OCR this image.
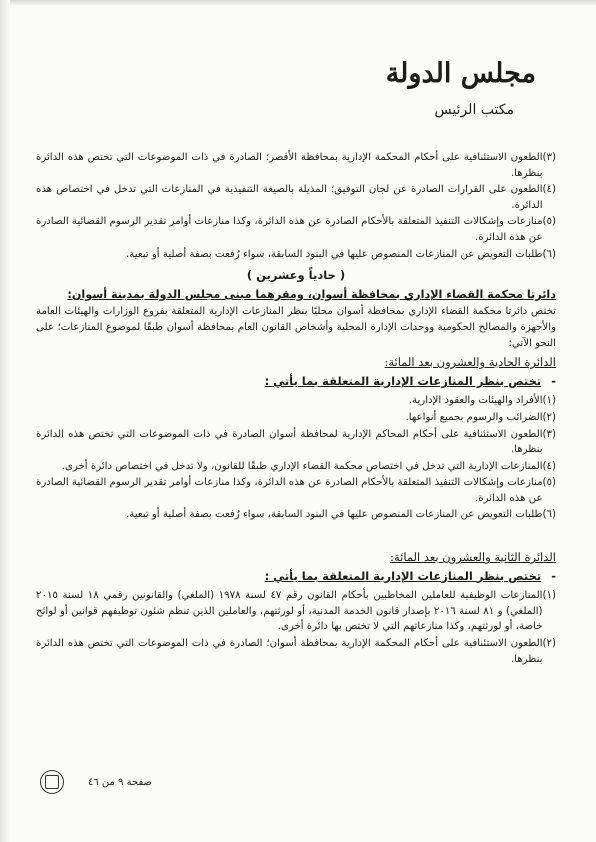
مجلس الدولة
مكتب الرئيس
(٣)
الطعون الاستئنافية على أحكام المحكمة الإدارية بمحافظة الأقصر؛ الصادرة في ذات الموضوعات التي تختص هذه الدائرة بنظرها.
(٤)
الطعون على القرارات الصادرة عن لجان التوفيق؛ المذيلة بالصيغة التنفيذية في المنازعات التي تدخل في اختصاص هذه الدائرة.
(٥)
منازعات وإشكالات التنفيذ المتعلقة بالأحكام الصادرة عن هذه الدائرة، وكذا منازعات أوامر تقدير الرسوم القضائية الصادرة عن هذه الدائرة.
(٦)
طلبات التعويض عن المنازعات المنصوص عليها في البنود السابقة، سواء رُفعت بصفة أصلية أو تبعية.
( حادياً وعشرين )
دائرتا محكمة القضاء الإداري بمحافظة أسوان، ومقرهما مبنى مجلس الدولة بمدينة أسوان:
تختص دائرتا محكمة القضاء الإداري بمحافظة أسوان محليًا بنظر المنازعات الإدارية المتعلقة بفروع الوزارات والهيئات العامة والأجهزة والمصالح الحكومية ووحدات الإدارة المحلية وأشخاص القانون العام بمحافظة أسوان طبقًا لموضوع المنازعات؛ على النحو الآتي:
الدائرة الحادية والعشرون بعد المائة:
- تختص بنظر المنازعات الإدارية المتعلقة بما يأتي :
(١)
الأفراد والهيئات والعقود الإدارية.
(٢)
الضرائب والرسوم بجميع أنواعها.
(٣)
الطعون الاستئنافية على أحكام المحاكم الإدارية لمحافظة أسوان الصادرة في ذات الموضوعات التي تختص هذه الدائرة بنظرها.
(٤)
المنازعات الإدارية التي تدخل في اختصاص محكمة القضاء الإداري طبقًا للقانون، ولا تدخل في اختصاص دائرة أخرى.
(٥)
منازعات وإشكالات التنفيذ المتعلقة بالأحكام الصادرة عن هذه الدائرة، وكذا منازعات أوامر تقدير الرسوم القضائية الصادرة عن هذه الدائرة.
(٦)
طلبات التعويض عن المنازعات المنصوص عليها في البنود السابقة، سواء رُفعت بصفة أصلية أو تبعية.
الدائرة الثانية والعشرون بعد المائة:
- تختص بنظر المنازعات الإدارية المتعلقة بما يأتي :
(١)
المنازعات الوظيفية للعاملين المخاطبين بأحكام القانون رقم ٤٧ لسنة ١٩٧٨ (الملغي) والقانونين رقمي ١٨ لسنة ٢٠١٥ (الملغي) و ٨١ لسنة ٢٠١٦ بإصدار قانون الخدمة المدنية، أو لورثتهم، والعاملين الذين تنظم شئون توظيفهم قوانين أو لوائح خاصة، أو لورثتهم، وكذا منازعاتهم التي لا تختص بها دائرة أخرى.
(٢)
الطعون الاستئنافية على أحكام المحكمة الإدارية بمحافظة أسوان؛ الصادرة في ذات الموضوعات التي تختص هذه الدائرة بنظرها.
صفحة ٩ من ٤٦
